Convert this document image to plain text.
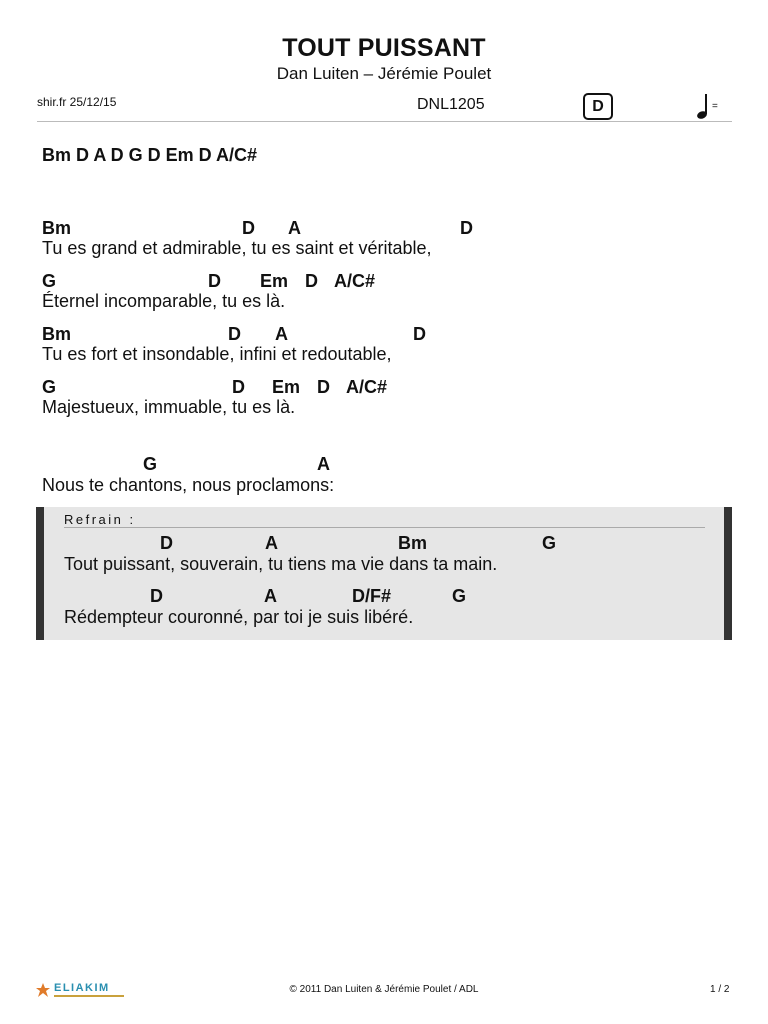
TOUT PUISSANT
Dan Luiten – Jérémie Poulet
shir.fr 25/12/15	DNL1205	D	=
Bm D A D G D Em D A/C#
Refrain :
Bm	D A	D
Tu es grand et admirable, tu es saint et véritable,
G	D Em D A/C#
Éternel incomparable, tu es là.
Bm	D A	D
Tu es fort et insondable, infini et redoutable,
G	D Em D A/C#
Majestueux, immuable, tu es là.
G	A
Nous te chantons, nous proclamons:
D	A	Bm	G
Tout puissant, souverain, tu tiens ma vie dans ta main.
D	A	D/F#	G
Rédempteur couronné, par toi je suis libéré.
ELIAKIM	© 2011 Dan Luiten & Jérémie Poulet / ADL	1 / 2
